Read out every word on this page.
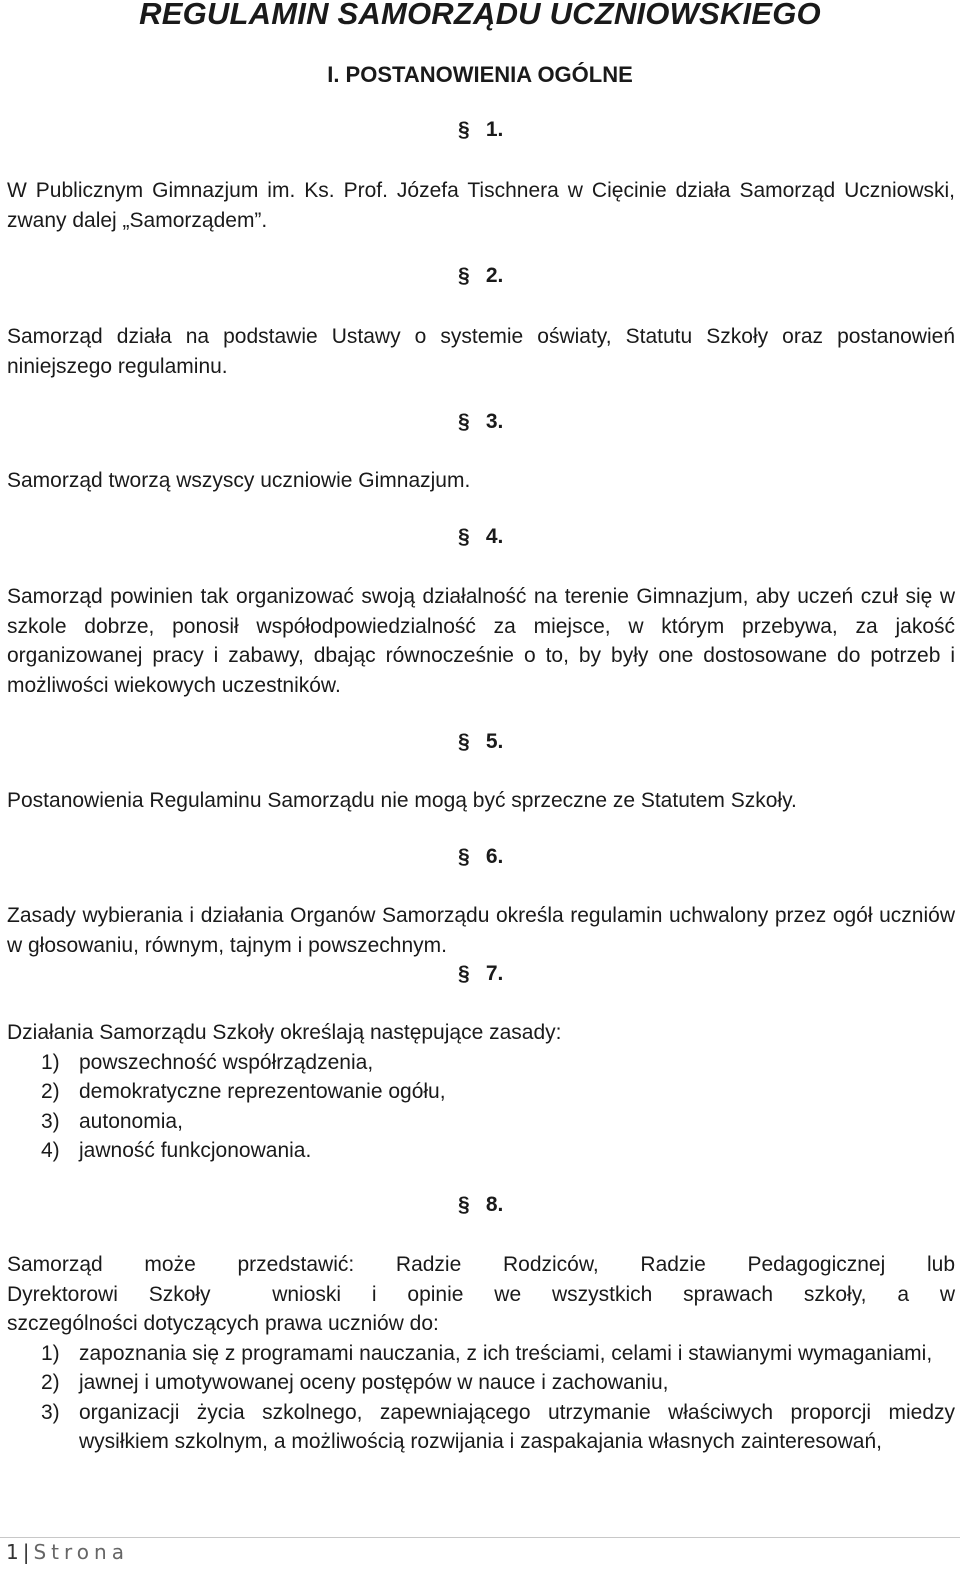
REGULAMIN SAMORZĄDU UCZNIOWSKIEGO
I. POSTANOWIENIA OGÓLNE
§ 1.

W Publicznym Gimnazjum im. Ks. Prof. Józefa Tischnera w Cięcinie działa Samorząd Uczniowski, zwany dalej „Samorządem”.

§ 2.

Samorząd działa na podstawie Ustawy o systemie oświaty, Statutu Szkoły oraz postanowień niniejszego regulaminu.

§ 3.

Samorząd tworzą wszyscy uczniowie Gimnazjum.

§ 4.

Samorząd powinien tak organizować swoją działalność na terenie Gimnazjum, aby uczeń czuł się w szkole dobrze, ponosił współodpowiedzialność za miejsce, w którym przebywa, za jakość organizowanej pracy i zabawy, dbając równocześnie o to, by były one dostosowane do potrzeb i możliwości wiekowych uczestników.

§ 5.

Postanowienia Regulaminu Samorządu nie mogą być sprzeczne ze Statutem Szkoły.

§ 6.

Zasady wybierania i działania Organów Samorządu określa regulamin uchwalony przez ogół uczniów w głosowaniu, równym, tajnym i powszechnym.

§ 7.

Działania Samorządu Szkoły określają następujące zasady:

1) powszechność współrządzenia,
2) demokratyczne reprezentowanie ogółu,
3) autonomia,
4) jawność funkcjonowania.
§ 8.

Samorząd może przedstawić: Radzie Rodziców, Radzie Pedagogicznej lub

Dyrektorowi Szkoły  wnioski i opinie we wszystkich sprawach szkoły, a w

szczególności dotyczących prawa uczniów do:

1) zapoznania się z programami nauczania, z ich treściami, celami i stawianymi wymaganiami,
2) jawnej i umotywowanej oceny postępów w nauce i zachowaniu,
3) organizacji życia szkolnego, zapewniającego utrzymanie właściwych proporcji miedzy wysiłkiem szkolnym, a możliwością rozwijania i zaspakajania własnych zainteresowań,
1 | Strona
